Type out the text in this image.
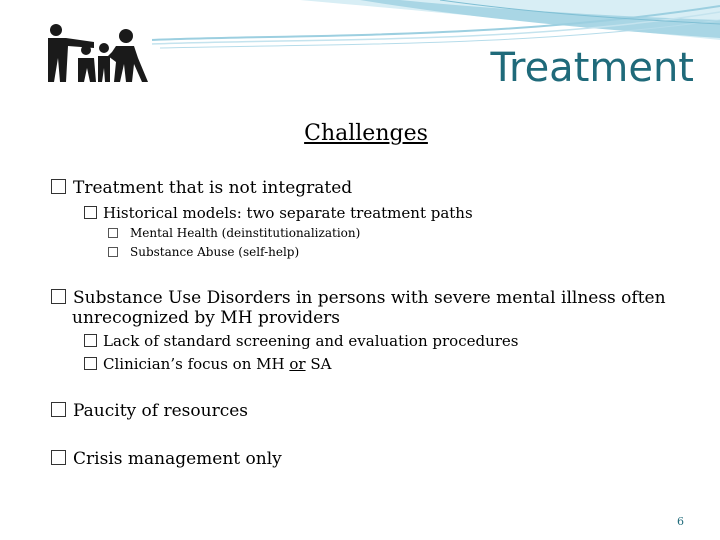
Treatment
Challenges
Treatment that is not integrated
Historical models: two separate treatment paths
Mental Health (deinstitutionalization)
Substance Abuse (self-help)
Substance Use Disorders in persons with severe mental illness often
unrecognized by MH providers
Lack of standard screening and evaluation procedures
Clinician’s focus on MH or SA
Paucity of resources
Crisis management only
6
